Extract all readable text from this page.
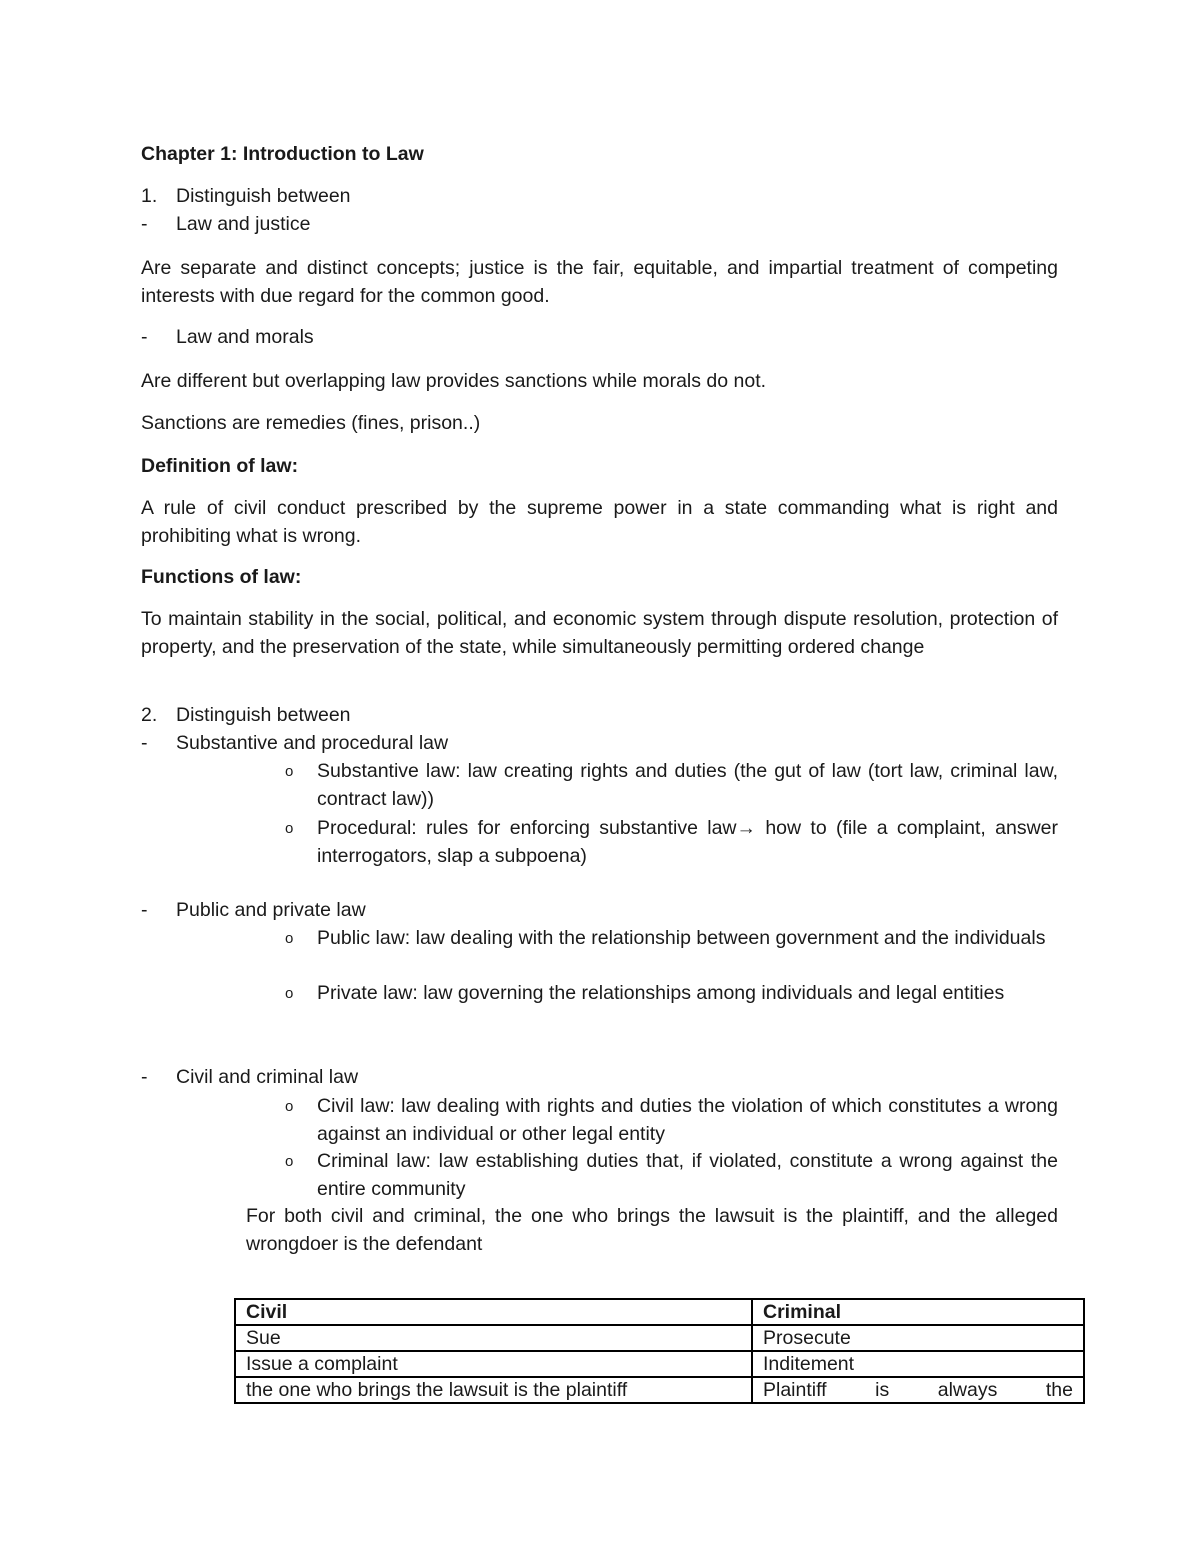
Chapter 1: Introduction to Law

1. Distinguish between
- Law and justice

Are separate and distinct concepts; justice is the fair, equitable, and impartial treatment of competing interests with due regard for the common good.

- Law and morals

Are different but overlapping law provides sanctions while morals do not.

Sanctions are remedies (fines, prison..)

Definition of law:

A rule of civil conduct prescribed by the supreme power in a state commanding what is right and prohibiting what is wrong.

Functions of law:

To maintain stability in the social, political, and economic system through dispute resolution, protection of property, and the preservation of the state, while simultaneously permitting ordered change

2. Distinguish between
- Substantive and procedural law
o Substantive law: law creating rights and duties (the gut of law (tort law, criminal law, contract law))

o Procedural: rules for enforcing substantive law→ how to (file a complaint, answer interrogators, slap a subpoena)

- Public and private law
o Public law: law dealing with the relationship between government and the individuals

o Private law: law governing the relationships among individuals and legal entities

- Civil and criminal law
o Civil law: law dealing with rights and duties the violation of which constitutes a wrong against an individual or other legal entity

o Criminal law: law establishing duties that, if violated, constitute a wrong against the entire community

For both civil and criminal, the one who brings the lawsuit is the plaintiff, and the alleged wrongdoer is the defendant

Civil	Criminal
Sue	Prosecute
Issue a complaint	Inditement
the one who brings the lawsuit is the plaintiff	Plaintiff is always the
